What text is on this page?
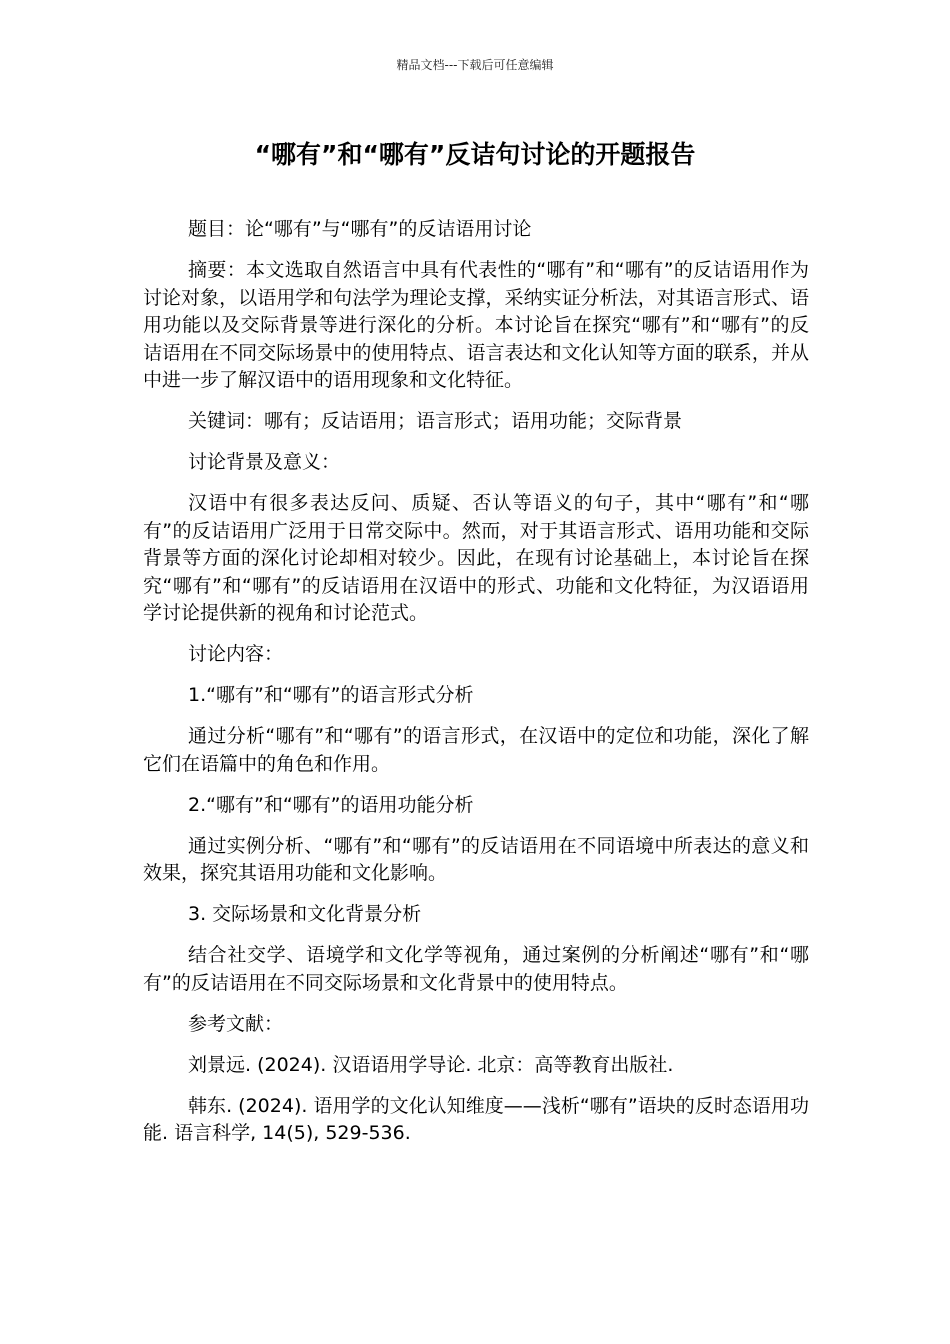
精品文档---下载后可任意编辑
“哪有”和“哪有”反诘句讨论的开题报告

题目：论“哪有”与“哪有”的反诘语用讨论

摘要：本文选取自然语言中具有代表性的“哪有”和“哪有”的反诘语用作为讨论对象，以语用学和句法学为理论支撑，采纳实证分析法，对其语言形式、语用功能以及交际背景等进行深化的分析。本讨论旨在探究“哪有”和“哪有”的反诘语用在不同交际场景中的使用特点、语言表达和文化认知等方面的联系，并从中进一步了解汉语中的语用现象和文化特征。

关键词：哪有；反诘语用；语言形式；语用功能；交际背景

讨论背景及意义：

汉语中有很多表达反问、质疑、否认等语义的句子，其中“哪有”和“哪有”的反诘语用广泛用于日常交际中。然而，对于其语言形式、语用功能和交际背景等方面的深化讨论却相对较少。因此，在现有讨论基础上，本讨论旨在探究“哪有”和“哪有”的反诘语用在汉语中的形式、功能和文化特征，为汉语语用学讨论提供新的视角和讨论范式。

讨论内容：

1.“哪有”和“哪有”的语言形式分析

通过分析“哪有”和“哪有”的语言形式，在汉语中的定位和功能，深化了解它们在语篇中的角色和作用。

2.“哪有”和“哪有”的语用功能分析

通过实例分析、“哪有”和“哪有”的反诘语用在不同语境中所表达的意义和效果，探究其语用功能和文化影响。

3. 交际场景和文化背景分析

结合社交学、语境学和文化学等视角，通过案例的分析阐述“哪有”和“哪有”的反诘语用在不同交际场景和文化背景中的使用特点。

参考文献：

刘景远. (2024). 汉语语用学导论. 北京：高等教育出版社.

韩东. (2024). 语用学的文化认知维度——浅析“哪有”语块的反时态语用功能. 语言科学, 14(5), 529-536.
